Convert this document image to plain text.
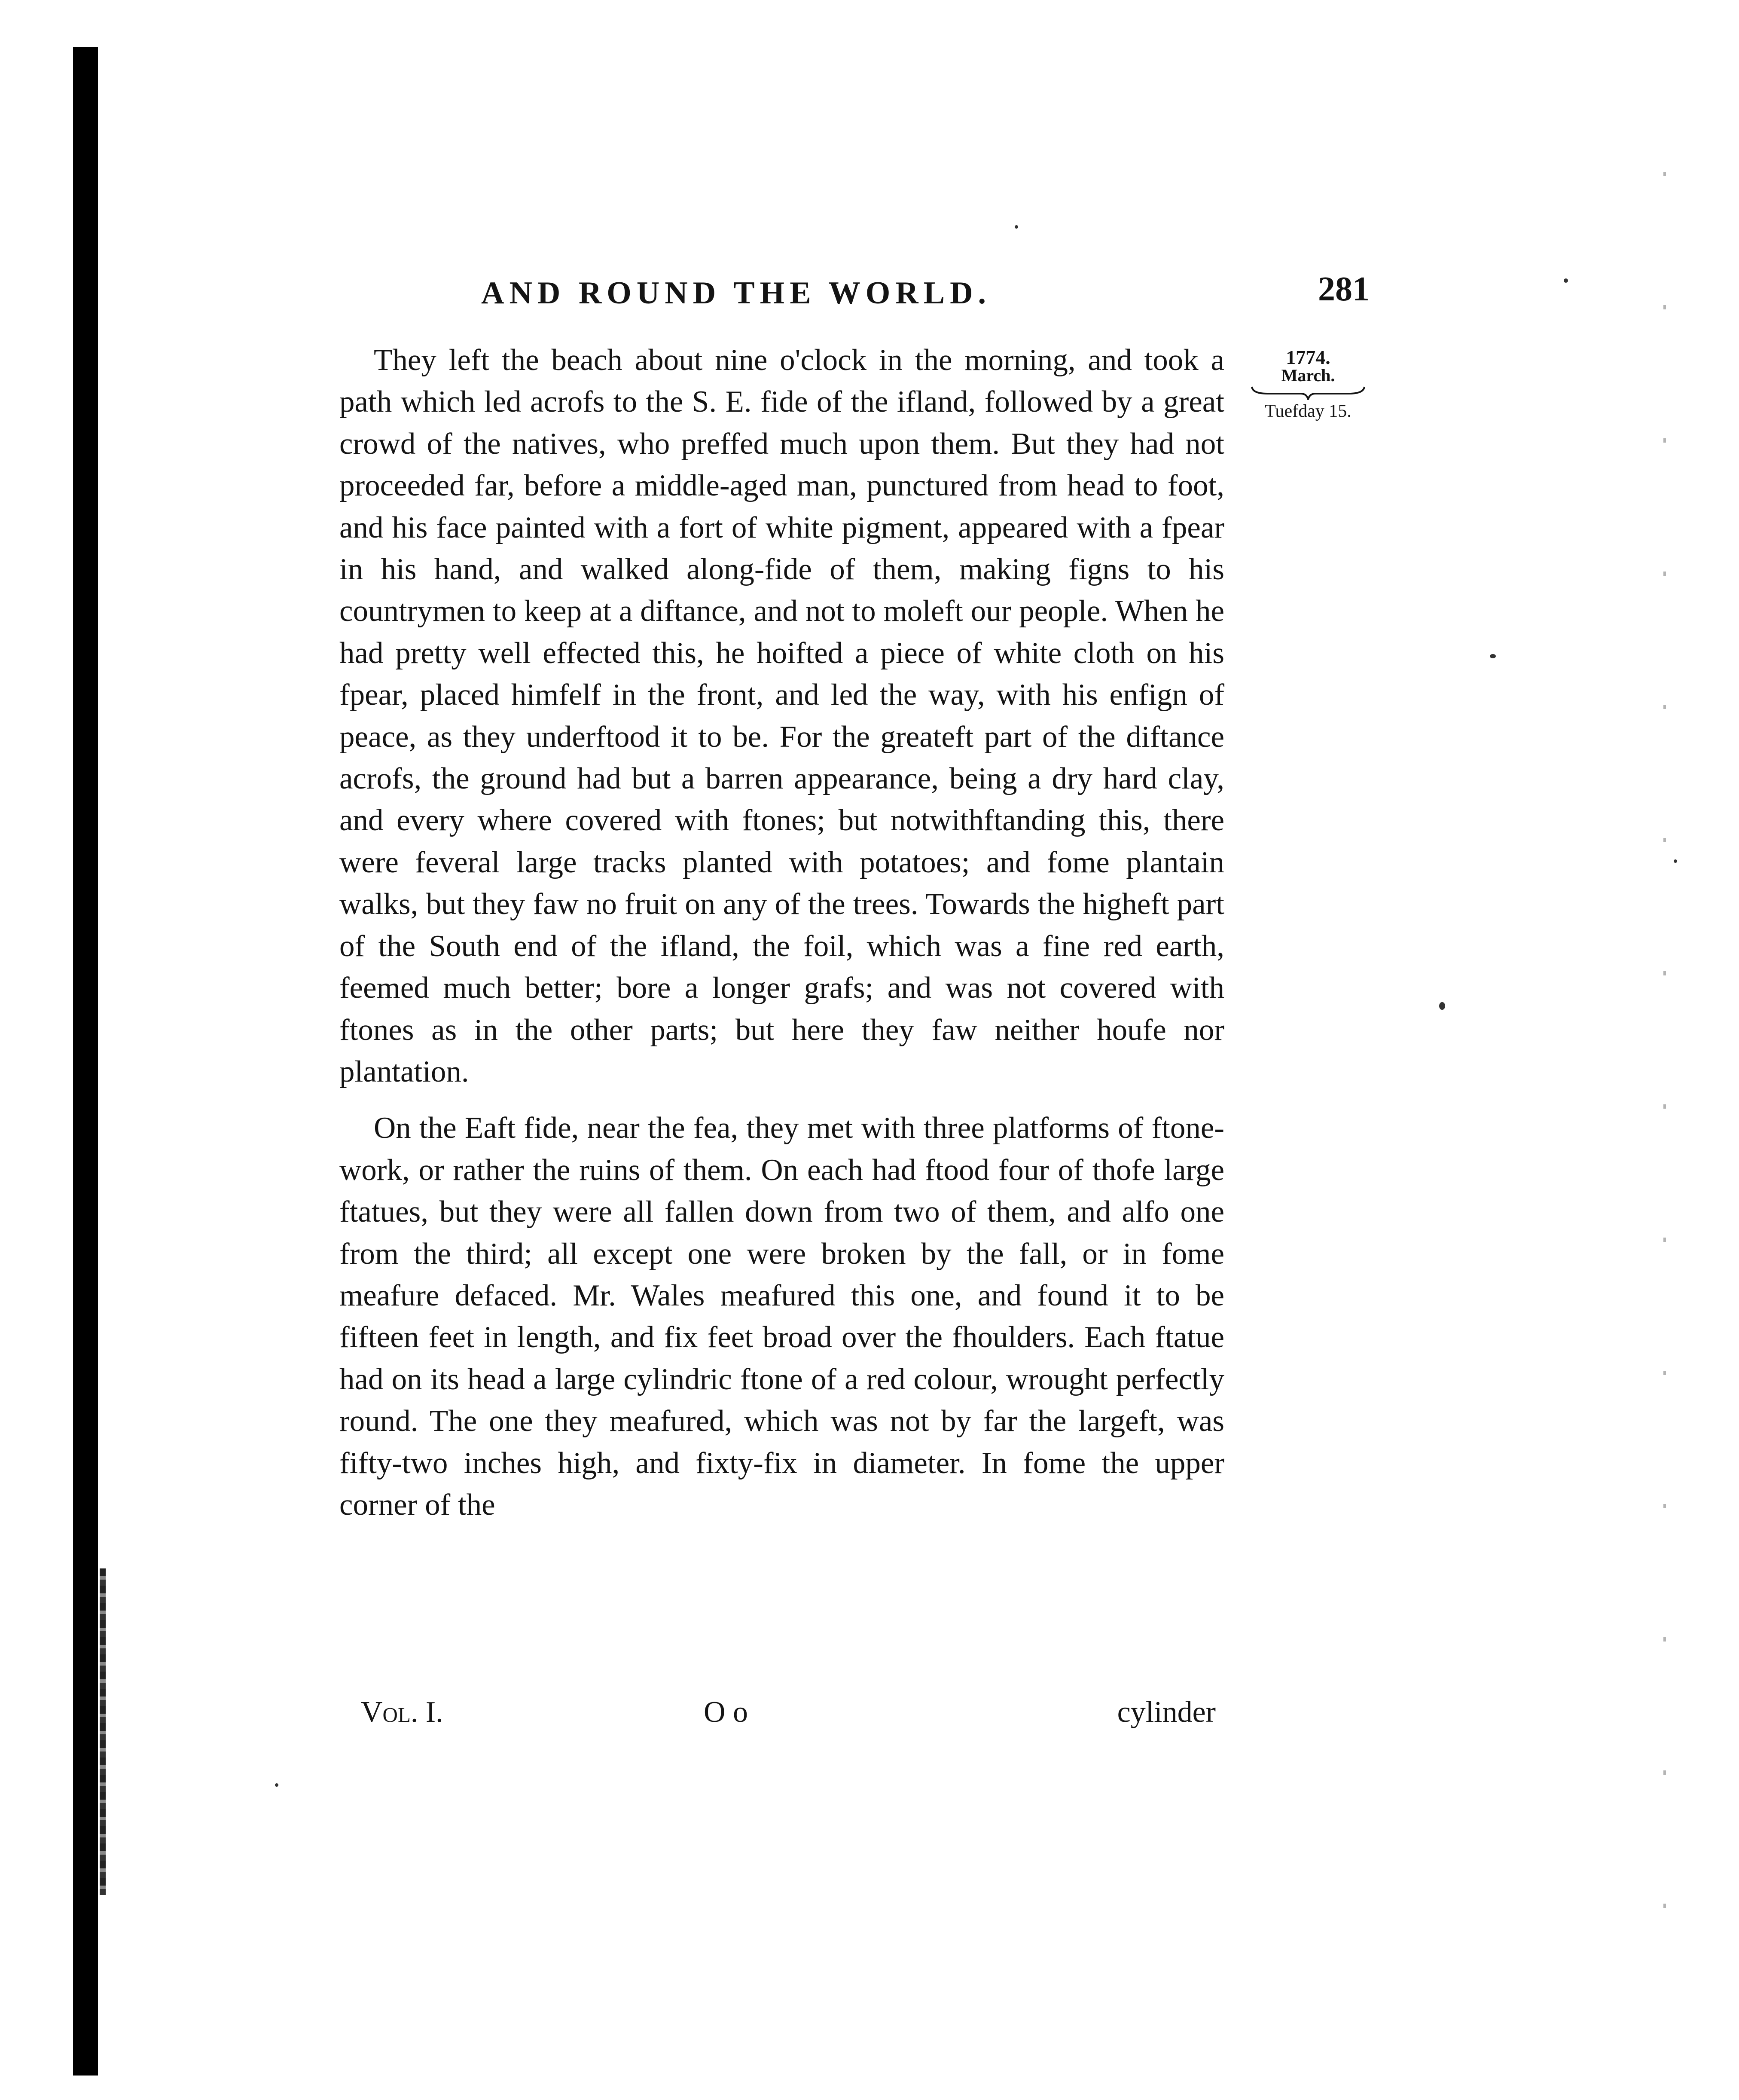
AND ROUND THE WORLD.	281
1774.
March.
Tuefday 15.

They left the beach about nine o'clock in the morning, and took a path which led acrofs to the S. E. fide of the ifland, followed by a great crowd of the natives, who preffed much upon them. But they had not proceeded far, before a middle-aged man, punctured from head to foot, and his face painted with a fort of white pigment, appeared with a fpear in his hand, and walked along-fide of them, making figns to his countrymen to keep at a diftance, and not to moleft our people. When he had pretty well effected this, he hoifted a piece of white cloth on his fpear, placed himfelf in the front, and led the way, with his enfign of peace, as they underftood it to be. For the greateft part of the diftance acrofs, the ground had but a barren appearance, being a dry hard clay, and every where covered with ftones; but notwithftanding this, there were feveral large tracks planted with potatoes; and fome plantain walks, but they faw no fruit on any of the trees. Towards the higheft part of the South end of the ifland, the foil, which was a fine red earth, feemed much better; bore a longer grafs; and was not covered with ftones as in the other parts; but here they faw neither houfe nor plantation.

On the Eaft fide, near the fea, they met with three platforms of ftone-work, or rather the ruins of them. On each had ftood four of thofe large ftatues, but they were all fallen down from two of them, and alfo one from the third; all except one were broken by the fall, or in fome meafure defaced. Mr. Wales meafured this one, and found it to be fifteen feet in length, and fix feet broad over the fhoulders. Each ftatue had on its head a large cylindric ftone of a red colour, wrought perfectly round. The one they meafured, which was not by far the largeft, was fifty-two inches high, and fixty-fix in diameter. In fome the upper corner of the

Vol. I.	O o	cylinder
